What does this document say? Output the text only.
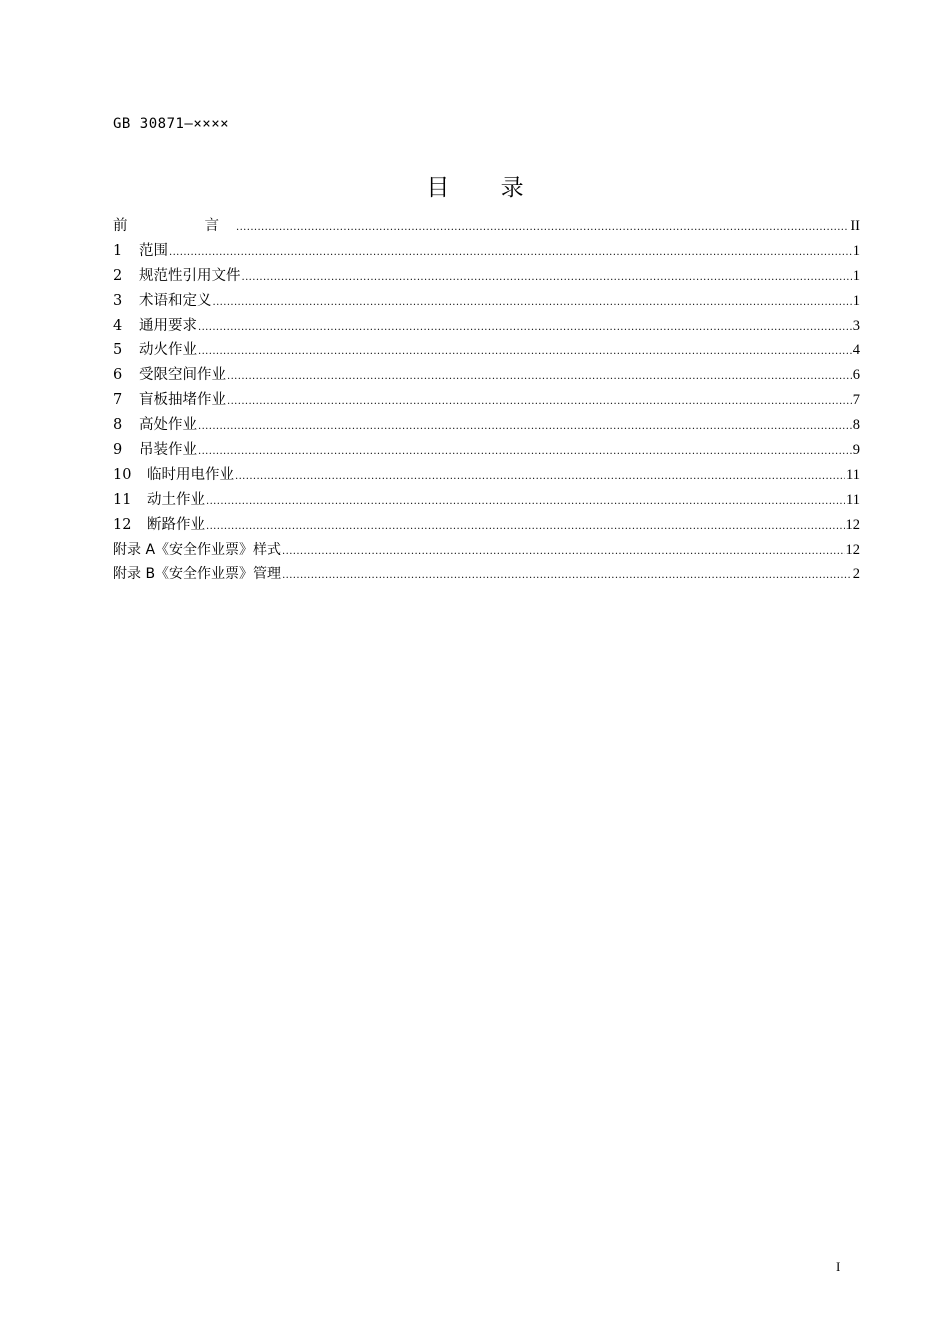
GB 30871—××××
目 录
前　　言 .....	II
1 范围 .....	1
2 规范性引用文件 .....	1
3 术语和定义 .....	1
4 通用要求 .....	3
5 动火作业 .....	4
6 受限空间作业 .....	6
7 盲板抽堵作业 .....	7
8 高处作业 .....	8
9 吊装作业 .....	9
10 临时用电作业 .....	11
11 动土作业 .....	11
12 断路作业 .....	12
附录 A《安全作业票》样式 .....	12
附录 B《安全作业票》管理 .....	2
I
